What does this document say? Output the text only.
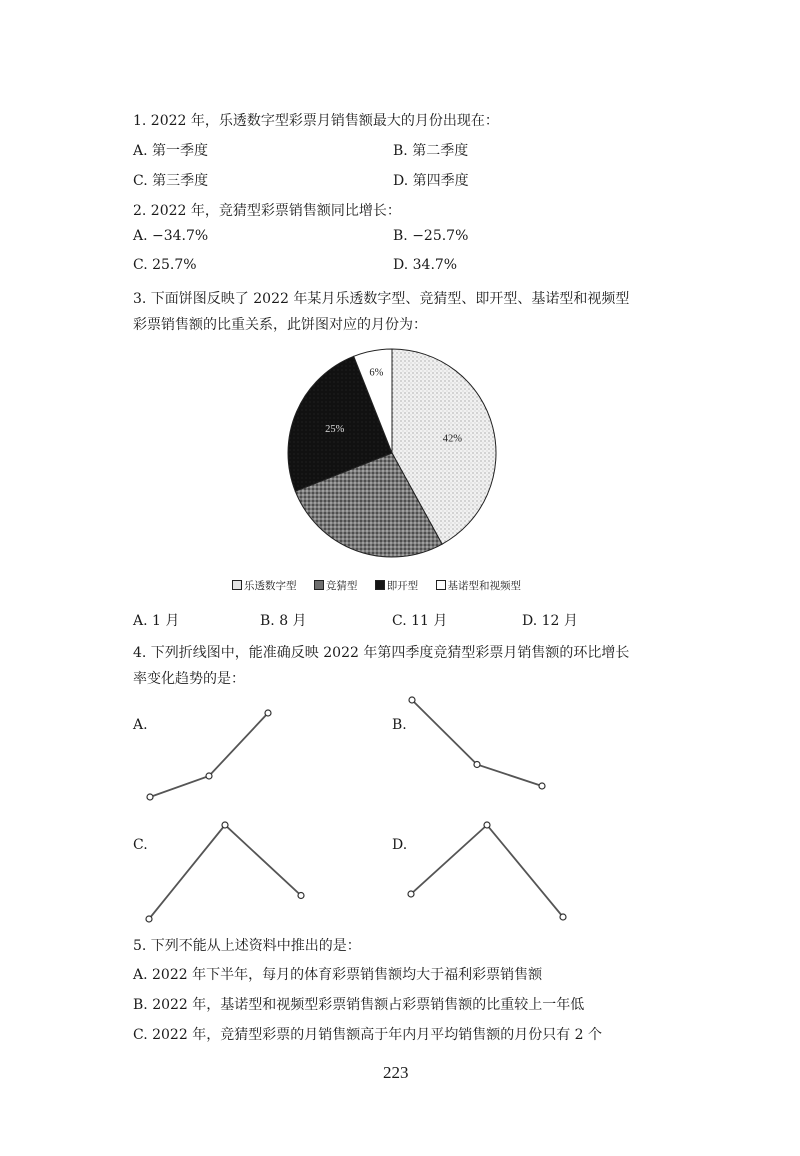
1. 2022 年，乐透数字型彩票月销售额最大的月份出现在：
A. 第一季度	B. 第二季度
C. 第三季度	D. 第四季度
2. 2022 年，竞猜型彩票销售额同比增长：
A. −34.7%	B. −25.7%
C. 25.7%	D. 34.7%
3. 下面饼图反映了 2022 年某月乐透数字型、竞猜型、即开型、基诺型和视频型
彩票销售额的比重关系，此饼图对应的月份为：
42%
25%
6%
乐透数字型	竞猜型	即开型	基诺型和视频型
A. 1 月	B. 8 月	C. 11 月	D. 12 月
4. 下列折线图中，能准确反映 2022 年第四季度竞猜型彩票月销售额的环比增长
率变化趋势的是：
A.	B.
C.	D.
5. 下列不能从上述资料中推出的是：
A. 2022 年下半年，每月的体育彩票销售额均大于福利彩票销售额
B. 2022 年，基诺型和视频型彩票销售额占彩票销售额的比重较上一年低
C. 2022 年，竞猜型彩票的月销售额高于年内月平均销售额的月份只有 2 个
223
